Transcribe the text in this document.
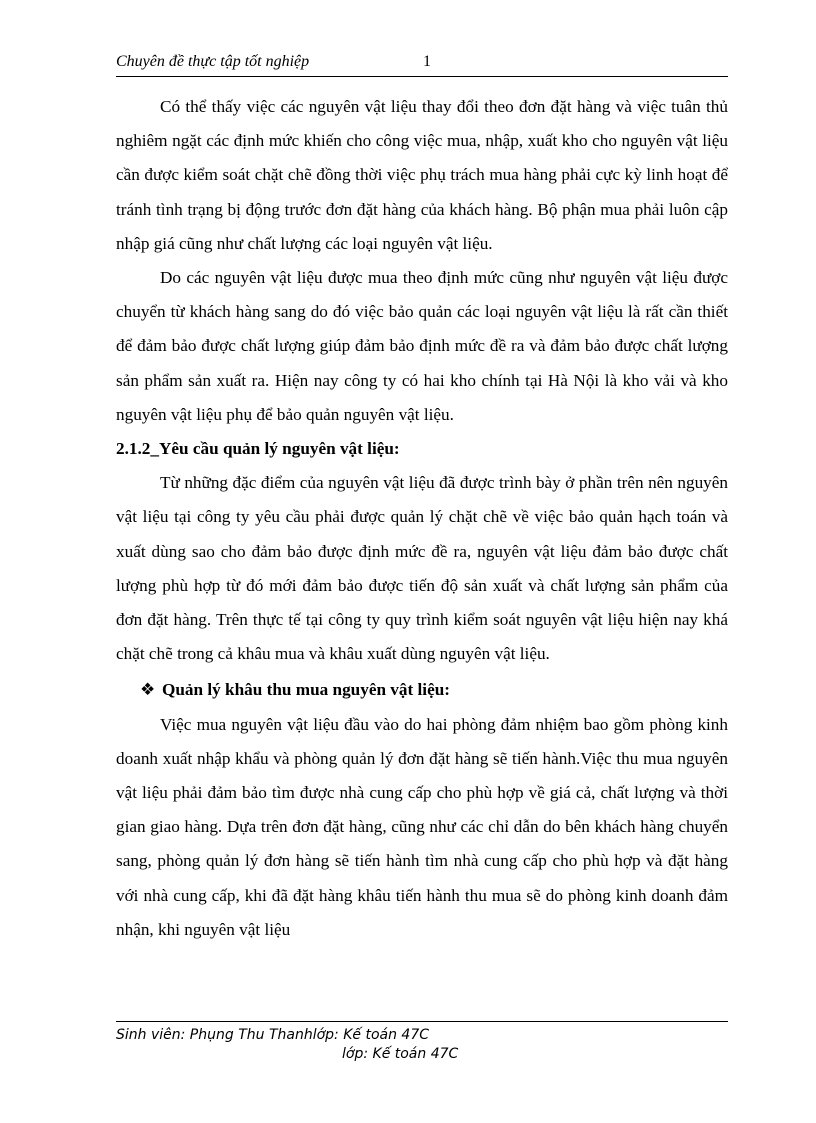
Chuyên đề thực tập tốt nghiệp	1

Có thể thấy việc các nguyên vật liệu thay đổi theo đơn đặt hàng và việc tuân thủ nghiêm ngặt các định mức khiến cho công việc mua, nhập, xuất kho cho nguyên vật liệu cần được kiểm soát chặt chẽ đồng thời việc phụ trách mua hàng phải cực kỳ linh hoạt để tránh tình trạng bị động trước đơn đặt hàng của khách hàng. Bộ phận mua phải luôn cập nhập giá cũng như chất lượng các loại nguyên vật liệu.

Do các nguyên vật liệu được mua theo định mức cũng như nguyên vật liệu được chuyển từ khách hàng sang do đó việc bảo quản các loại nguyên vật liệu là rất cần thiết để đảm bảo được chất lượng giúp đảm bảo định mức đề ra và đảm bảo được chất lượng sản phẩm sản xuất ra. Hiện nay công ty có hai kho chính tại Hà Nội là kho vải và kho nguyên vật liệu phụ để bảo quản nguyên vật liệu.

2.1.2_Yêu cầu quản lý nguyên vật liệu:

Từ những đặc điểm của nguyên vật liệu đã được trình bày ở phần trên nên nguyên vật liệu tại công ty yêu cầu phải được quản lý chặt chẽ về việc bảo quản hạch toán và xuất dùng sao cho đảm bảo được định mức đề ra, nguyên vật liệu đảm bảo được chất lượng phù hợp từ đó mới đảm bảo được tiến độ sản xuất và chất lượng sản phẩm của đơn đặt hàng. Trên thực tế tại công ty quy trình kiểm soát nguyên vật liệu hiện nay khá chặt chẽ trong cả khâu mua và khâu xuất dùng nguyên vật liệu.

❖ Quản lý khâu thu mua nguyên vật liệu:

Việc mua nguyên vật liệu đầu vào do hai phòng đảm nhiệm bao gồm phòng kinh doanh xuất nhập khẩu và phòng quản lý đơn đặt hàng sẽ tiến hành.Việc thu mua nguyên vật liệu phải đảm bảo tìm được nhà cung cấp cho phù hợp về giá cả, chất lượng và thời gian giao hàng. Dựa trên đơn đặt hàng, cũng như các chỉ dẫn do bên khách hàng chuyển sang, phòng quản lý đơn hàng sẽ tiến hành tìm nhà cung cấp cho phù hợp và đặt hàng với nhà cung cấp, khi đã đặt hàng khâu tiến hành thu mua sẽ do phòng kinh doanh đảm nhận, khi nguyên vật liệu

Sinh viên: Phụng Thu Thanhlớp: Kế toán 47C
lớp: Kế toán 47C
